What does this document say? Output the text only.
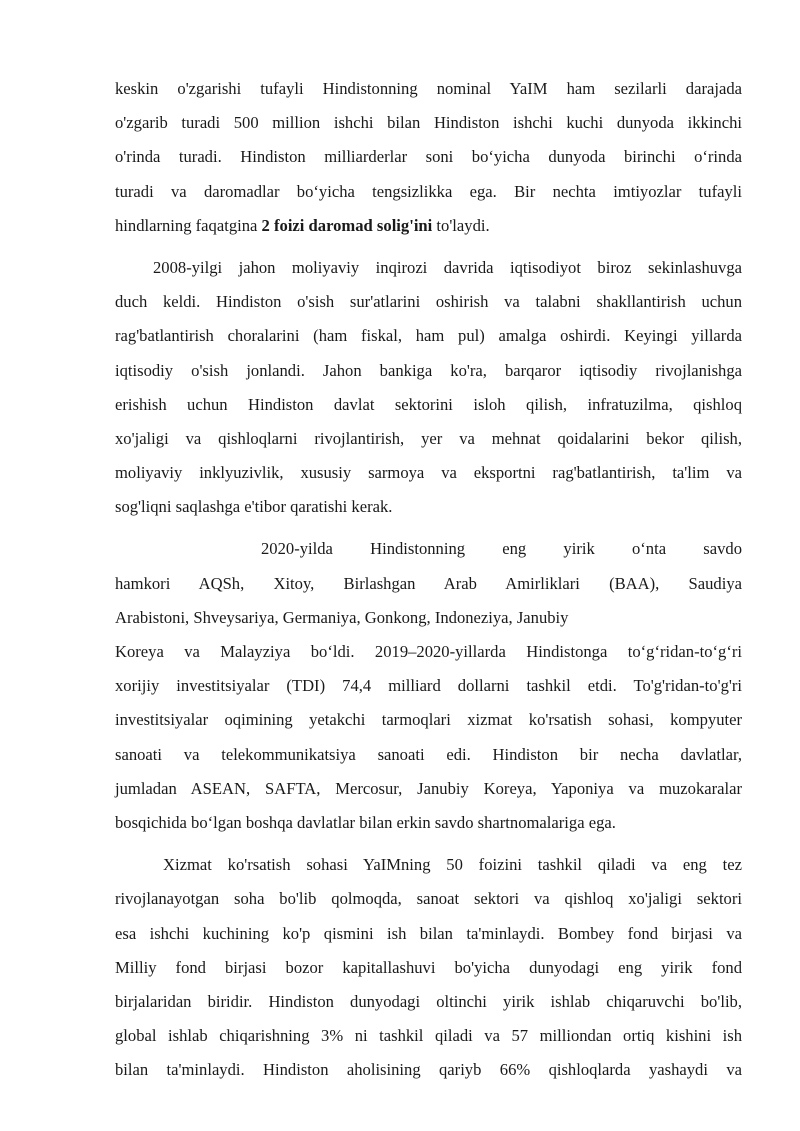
keskin o'zgarishi tufayli Hindistonning nominal YaIM ham sezilarli darajada
o'zgarib turadi 500 million ishchi bilan Hindiston ishchi kuchi dunyoda ikkinchi
o'rinda turadi. Hindiston milliarderlar soni bo‘yicha dunyoda birinchi o‘rinda
turadi va daromadlar bo‘yicha tengsizlikka ega. Bir nechta imtiyozlar tufayli
hindlarning faqatgina 2 foizi daromad solig'ini to'laydi.
2008-yilgi jahon moliyaviy inqirozi davrida iqtisodiyot biroz sekinlashuvga
duch keldi. Hindiston o'sish sur'atlarini oshirish va talabni shakllantirish uchun
rag'batlantirish choralarini (ham fiskal, ham pul) amalga oshirdi. Keyingi yillarda
iqtisodiy o'sish jonlandi. Jahon bankiga ko'ra, barqaror iqtisodiy rivojlanishga
erishish uchun Hindiston davlat sektorini isloh qilish, infratuzilma, qishloq
xo'jaligi va qishloqlarni rivojlantirish, yer va mehnat qoidalarini bekor qilish,
moliyaviy inklyuzivlik, xususiy sarmoya va eksportni rag'batlantirish, ta'lim va
sog'liqni saqlashga e'tibor qaratishi kerak.
2020-yilda Hindistonning eng yirik o‘nta savdo
hamkori AQSh, Xitoy, Birlashgan Arab Amirliklari (BAA), Saudiya
Arabistoni, Shveysariya, Germaniya, Gonkong, Indoneziya, Janubiy
Koreya va Malayziya bo‘ldi. 2019–2020-yillarda Hindistonga to‘g‘ridan-to‘g‘ri
xorijiy investitsiyalar (TDI) 74,4 milliard dollarni tashkil etdi. To'g'ridan-to'g'ri
investitsiyalar oqimining yetakchi tarmoqlari xizmat ko'rsatish sohasi, kompyuter
sanoati va telekommunikatsiya sanoati edi. Hindiston bir necha davlatlar,
jumladan ASEAN, SAFTA, Mercosur, Janubiy Koreya, Yaponiya va muzokaralar
bosqichida bo‘lgan boshqa davlatlar bilan erkin savdo shartnomalariga ega.
Xizmat ko'rsatish sohasi YaIMning 50 foizini tashkil qiladi va eng tez
rivojlanayotgan soha bo'lib qolmoqda, sanoat sektori va qishloq xo'jaligi sektori
esa ishchi kuchining ko'p qismini ish bilan ta'minlaydi. Bombey fond birjasi va
Milliy fond birjasi bozor kapitallashuvi bo'yicha dunyodagi eng yirik fond
birjalaridan biridir. Hindiston dunyodagi oltinchi yirik ishlab chiqaruvchi bo'lib,
global ishlab chiqarishning 3% ni tashkil qiladi va 57 milliondan ortiq kishini ish
bilan ta'minlaydi. Hindiston aholisining qariyb 66% qishloqlarda yashaydi va
